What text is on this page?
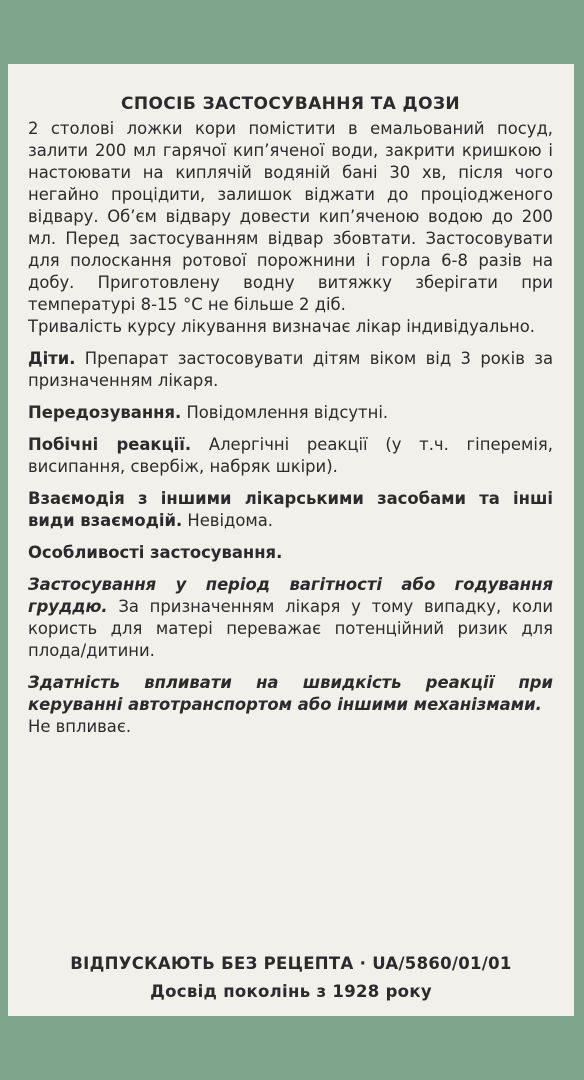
СПОСІБ ЗАСТОСУВАННЯ ТА ДОЗИ

2 столові ложки кори помістити в емальований посуд, залити 200 мл гарячої кип’яченої води, закрити кришкою і настоювати на киплячій водяній бані 30 хв, після чого негайно процідити, залишок віджати до проціодженого відвару. Об’єм відвару довести кип’яченою водою до 200 мл. Перед застосуванням відвар збовтати. Застосовувати для полоскання ротової порожнини і горла 6-8 разів на добу. Приготовлену водну витяжку зберігати при температурі 8-15 °С не більше 2 діб.

Тривалість курсу лікування визначає лікар індивідуально.

Діти. Препарат застосовувати дітям віком від 3 років за призначенням лікаря.

Передозування. Повідомлення відсутні.

Побічні реакції. Алергічні реакції (у т.ч. гіперемія, висипання, свербіж, набряк шкіри).

Взаємодія з іншими лікарськими засобами та інші види взаємодій. Невідома.

Особливості застосування.

Застосування у період вагітності або годування груддю. За призначенням лікаря у тому випадку, коли користь для матері переважає потенційний ризик для плода/дитини.

Здатність впливати на швидкість реакції при керуванні автотранспортом або іншими механізмами.

Не впливає.

ВІДПУСКАЮТЬ БЕЗ РЕЦЕПТА · UA/5860/01/01
Досвід поколінь з 1928 року
